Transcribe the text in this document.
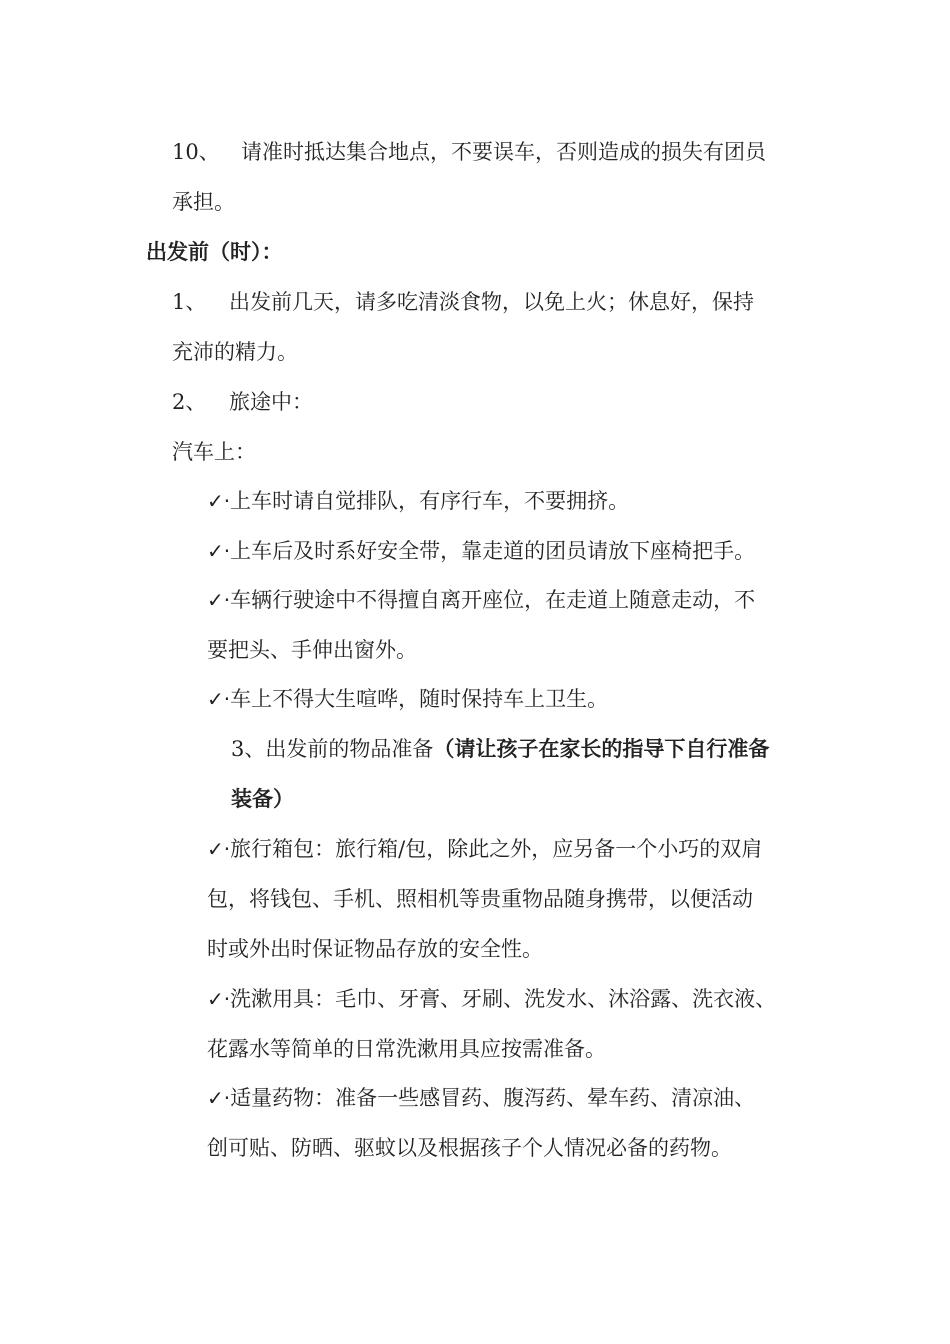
10、 请准时抵达集合地点，不要误车，否则造成的损失有团员
承担。
出发前（时）：
1、 出发前几天，请多吃清淡食物，以免上火；休息好，保持
充沛的精力。
2、 旅途中：
汽车上：
✓·上车时请自觉排队，有序行车，不要拥挤。
✓·上车后及时系好安全带，靠走道的团员请放下座椅把手。
✓·车辆行驶途中不得擅自离开座位，在走道上随意走动，不
要把头、手伸出窗外。
✓·车上不得大生喧哗，随时保持车上卫生。
3、出发前的物品准备（请让孩子在家长的指导下自行准备
装备）
✓·旅行箱包：旅行箱/包，除此之外，应另备一个小巧的双肩
包，将钱包、手机、照相机等贵重物品随身携带，以便活动
时或外出时保证物品存放的安全性。
✓·洗漱用具：毛巾、牙膏、牙刷、洗发水、沐浴露、洗衣液、
花露水等简单的日常洗漱用具应按需准备。
✓·适量药物：准备一些感冒药、腹泻药、晕车药、清凉油、
创可贴、防晒、驱蚊以及根据孩子个人情况必备的药物。
